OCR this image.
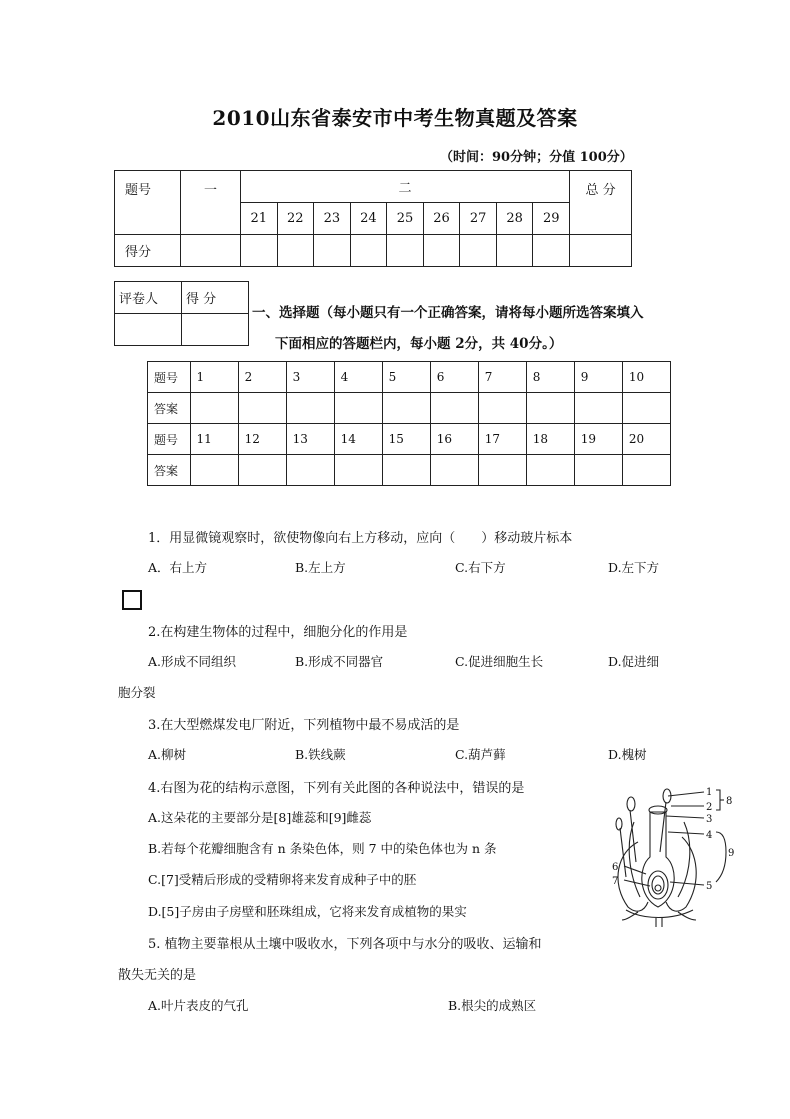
2010山东省泰安市中考生物真题及答案
（时间：90分钟；分值 100分）
题号	一	二									总 分
		21	22	23	24	25	26	27	28	29	
得分											
评卷人	得 分

一、选择题（每小题只有一个正确答案，请将每小题所选答案填入
下面相应的答题栏内，每小题 2分，共 40分。）
题号	1	2	3	4	5	6	7	8	9	10
答案										
题号	11	12	13	14	15	16	17	18	19	20
答案										
1．用显微镜观察时，欲使物像向右上方移动，应向（　　）移动玻片标本
A．右上方	B.左上方	C.右下方	D.左下方
2.在构建生物体的过程中，细胞分化的作用是
A.形成不同组织	B.形成不同器官	C.促进细胞生长	D.促进细
胞分裂
3.在大型燃煤发电厂附近，下列植物中最不易成活的是
A.柳树	B.铁线蕨	C.葫芦藓	D.槐树
4.右图为花的结构示意图，下列有关此图的各种说法中，错误的是
A.这朵花的主要部分是[8]雄蕊和[9]雌蕊
B.若每个花瓣细胞含有 n 条染色体，则 7 中的染色体也为 n 条
C.[7]受精后形成的受精卵将来发育成种子中的胚
D.[5]子房由子房壁和胚珠组成，它将来发育成植物的果实
1
2
3
4
5
6
7
8
9
5. 植物主要靠根从土壤中吸收水，下列各项中与水分的吸收、运输和
散失无关的是
A.叶片表皮的气孔	B.根尖的成熟区
